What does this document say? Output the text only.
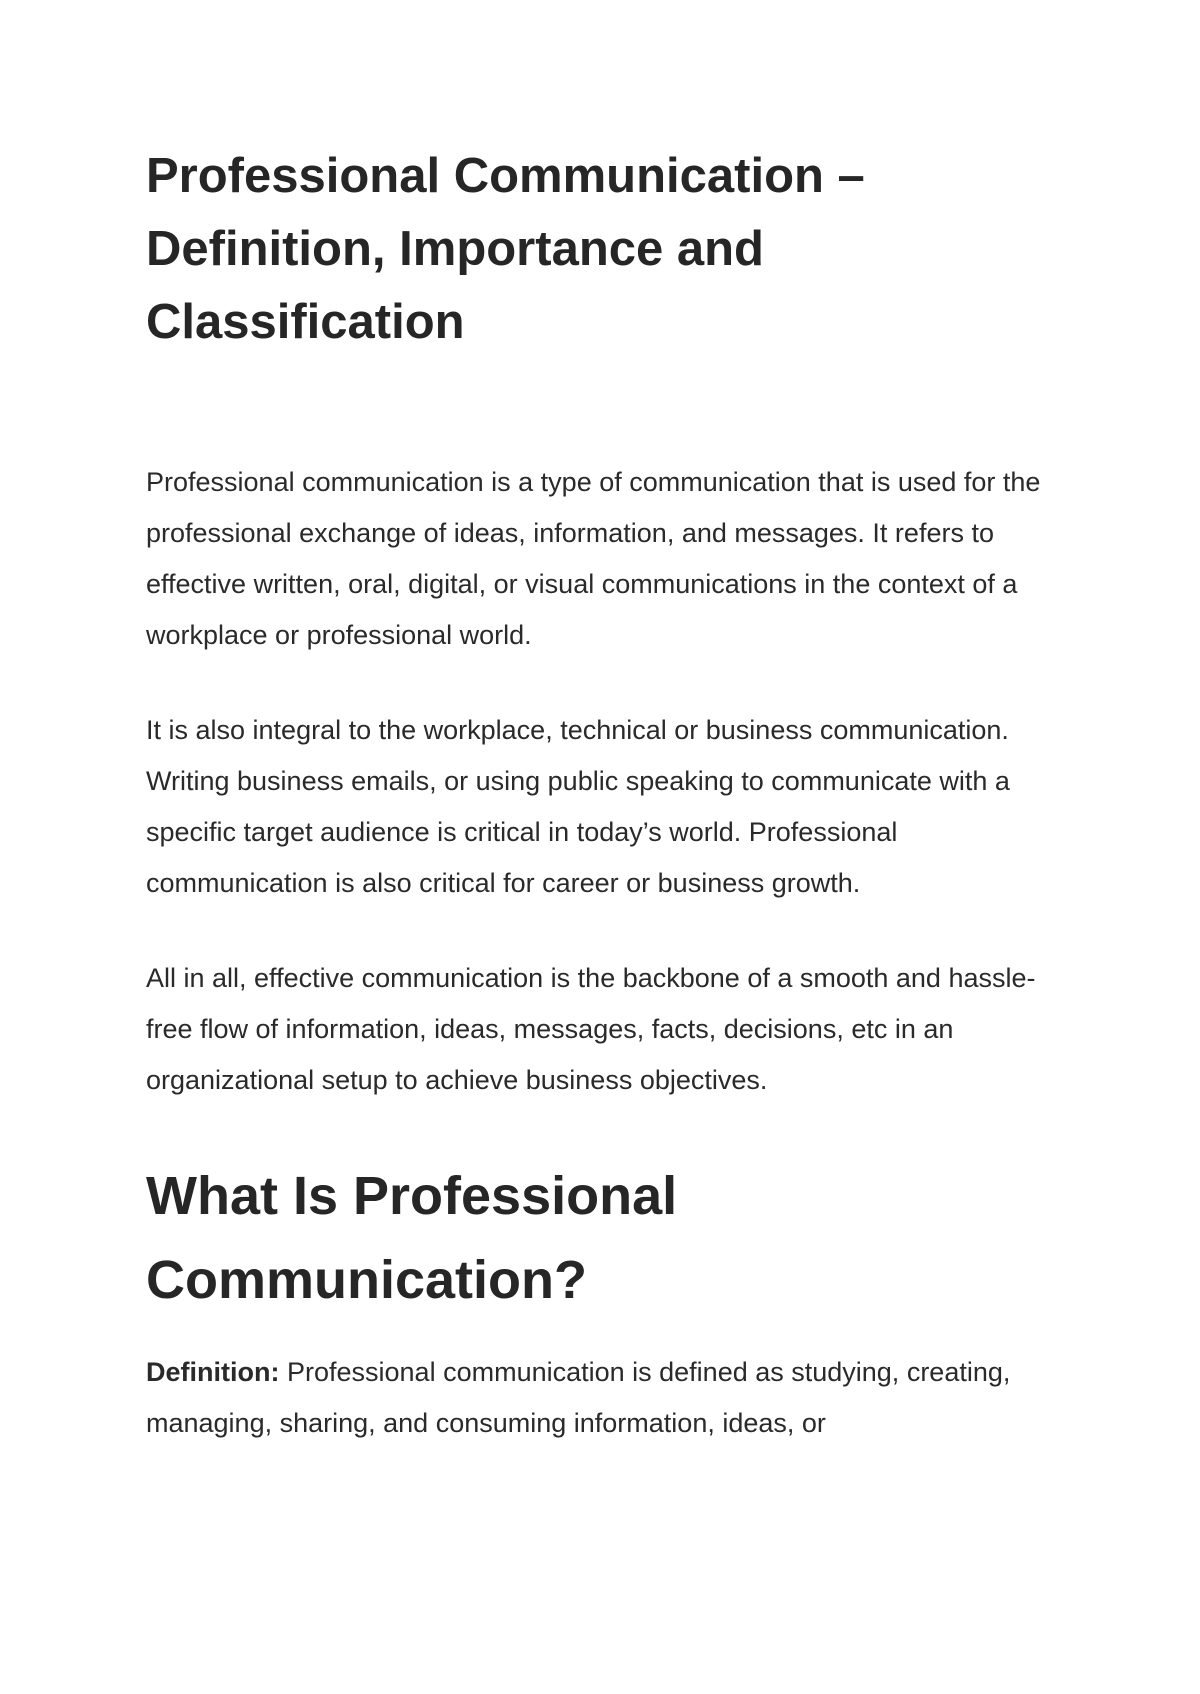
Professional Communication – Definition, Importance and Classification

Professional communication is a type of communication that is used for the professional exchange of ideas, information, and messages. It refers to effective written, oral, digital, or visual communications in the context of a workplace or professional world.

It is also integral to the workplace, technical or business communication. Writing business emails, or using public speaking to communicate with a specific target audience is critical in today’s world. Professional communication is also critical for career or business growth.

All in all, effective communication is the backbone of a smooth and hassle-free flow of information, ideas, messages, facts, decisions, etc in an organizational setup to achieve business objectives.

What Is Professional Communication?

Definition: Professional communication is defined as studying, creating, managing, sharing, and consuming information, ideas, or
